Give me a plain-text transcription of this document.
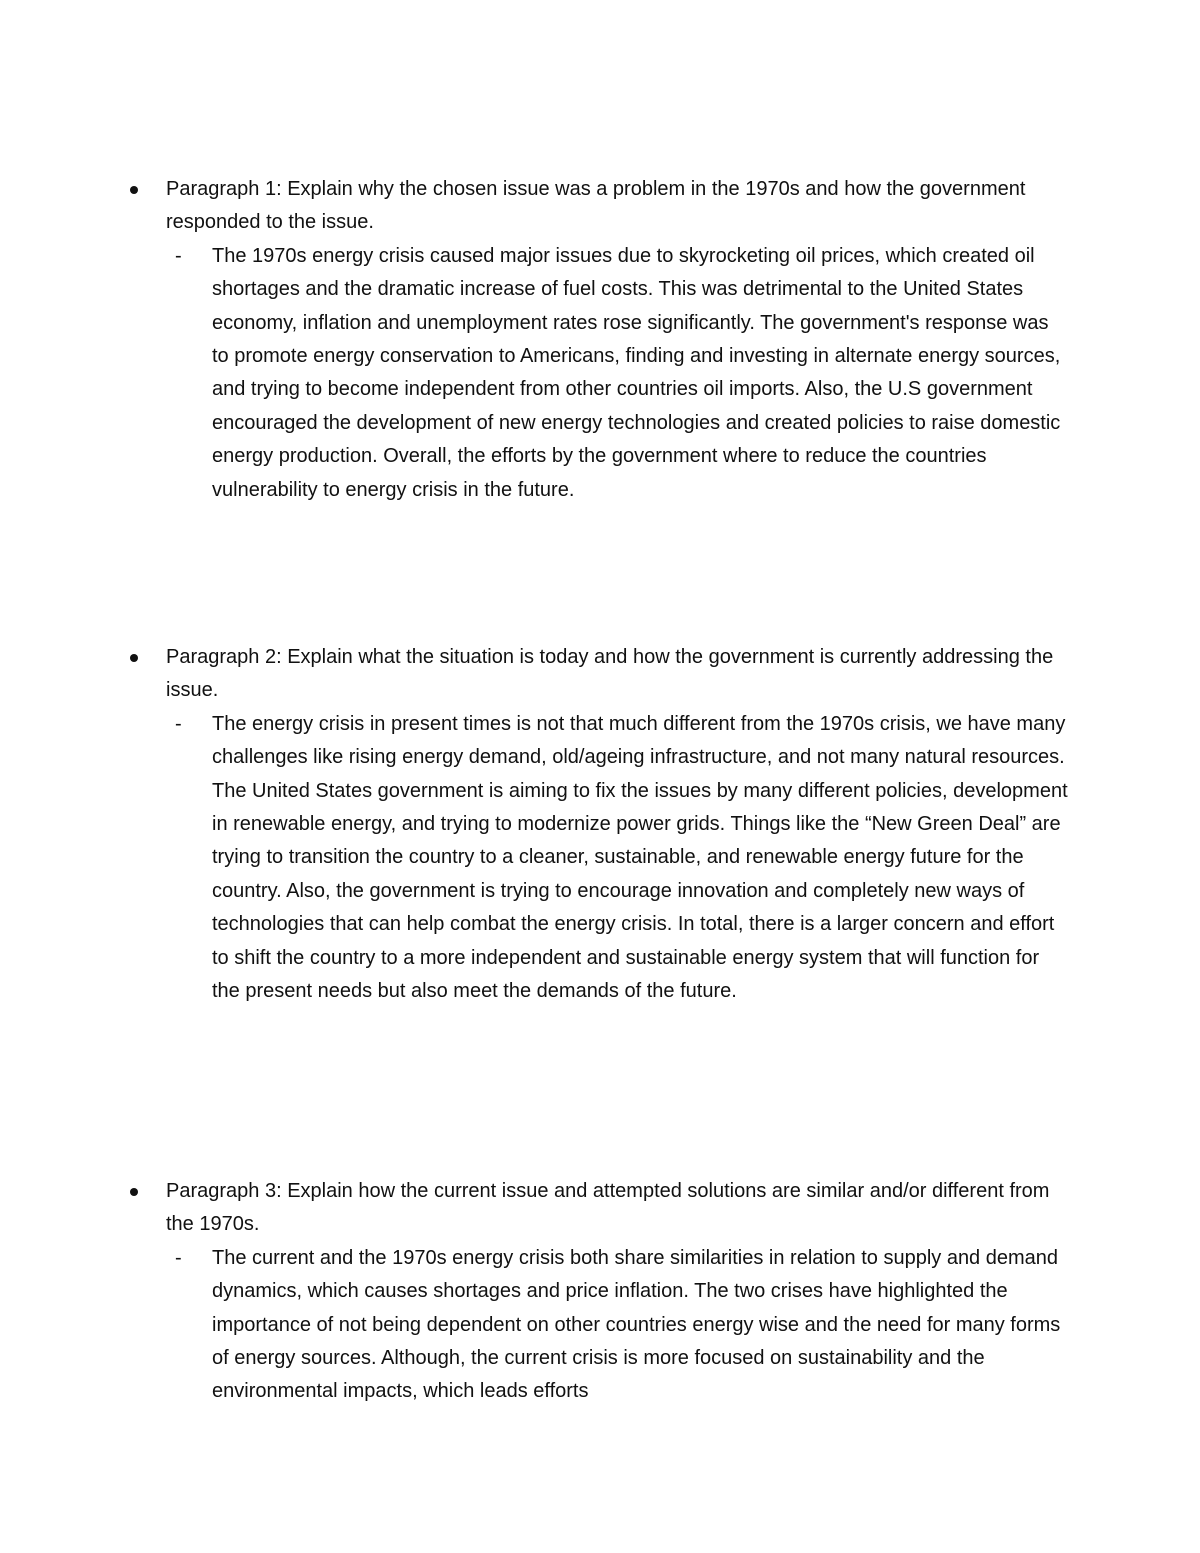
Paragraph 1: Explain why the chosen issue was a problem in the 1970s and how the government responded to the issue.

- The 1970s energy crisis caused major issues due to skyrocketing oil prices, which created oil shortages and the dramatic increase of fuel costs. This was detrimental to the United States economy, inflation and unemployment rates rose significantly. The government's response was to promote energy conservation to Americans, finding and investing in alternate energy sources, and trying to become independent from other countries oil imports. Also, the U.S government encouraged the development of new energy technologies and created policies to raise domestic energy production. Overall, the efforts by the government where to reduce the countries vulnerability to energy crisis in the future.

Paragraph 2: Explain what the situation is today and how the government is currently addressing the issue.

- The energy crisis in present times is not that much different from the 1970s crisis, we have many challenges like rising energy demand, old/ageing infrastructure, and not many natural resources. The United States government is aiming to fix the issues by many different policies, development in renewable energy, and trying to modernize power grids. Things like the “New Green Deal” are trying to transition the country to a cleaner, sustainable, and renewable energy future for the country. Also, the government is trying to encourage innovation and completely new ways of technologies that can help combat the energy crisis. In total, there is a larger concern and effort to shift the country to a more independent and sustainable energy system that will function for the present needs but also meet the demands of the future.

Paragraph 3: Explain how the current issue and attempted solutions are similar and/or different from the 1970s.

- The current and the 1970s energy crisis both share similarities in relation to supply and demand dynamics, which causes shortages and price inflation. The two crises have highlighted the importance of not being dependent on other countries energy wise and the need for many forms of energy sources. Although, the current crisis is more focused on sustainability and the environmental impacts, which leads efforts
